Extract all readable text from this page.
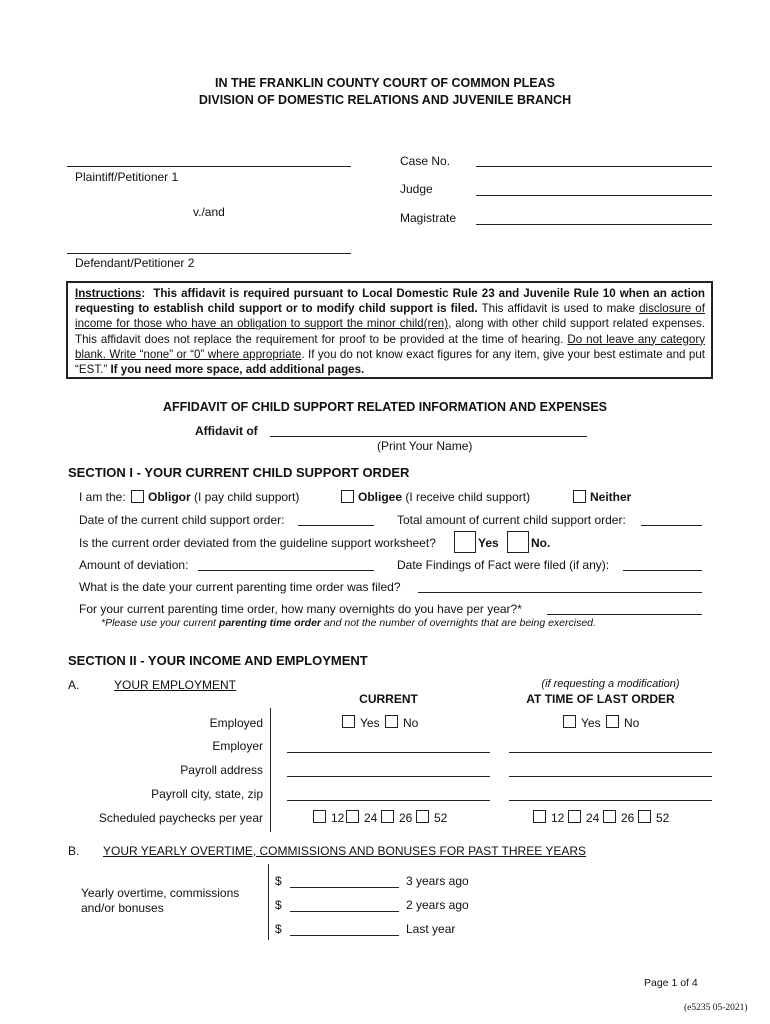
IN THE FRANKLIN COUNTY COURT OF COMMON PLEAS
DIVISION OF DOMESTIC RELATIONS AND JUVENILE BRANCH
Plaintiff/Petitioner 1
v./and
Defendant/Petitioner 2
Case No.
Judge
Magistrate

Instructions: This affidavit is required pursuant to Local Domestic Rule 23 and Juvenile Rule 10 when an action requesting to establish child support or to modify child support is filed. This affidavit is used to make disclosure of income for those who have an obligation to support the minor child(ren), along with other child support related expenses. This affidavit does not replace the requirement for proof to be provided at the time of hearing. Do not leave any category blank. Write “none” or “0” where appropriate. If you do not know exact figures for any item, give your best estimate and put “EST.” If you need more space, add additional pages.

AFFIDAVIT OF CHILD SUPPORT RELATED INFORMATION AND EXPENSES
Affidavit of
(Print Your Name)
SECTION I - YOUR CURRENT CHILD SUPPORT ORDER
I am the: Obligor (I pay child support)	Obligee (I receive child support)	Neither
Date of the current child support order:	Total amount of current child support order:
Is the current order deviated from the guideline support worksheet?	Yes	No.
Amount of deviation:	Date Findings of Fact were filed (if any):
What is the date your current parenting time order was filed?
For your current parenting time order, how many overnights do you have per year?*
*Please use your current parenting time order and not the number of overnights that are being exercised.
SECTION II - YOUR INCOME AND EMPLOYMENT
A.	YOUR EMPLOYMENT	(if requesting a modification)
CURRENT	AT TIME OF LAST ORDER
Employed	Yes No	Yes No
Employer
Payroll address
Payroll city, state, zip
Scheduled paychecks per year	12 24 26 52	12 24 26 52
B. YOUR YEARLY OVERTIME, COMMISSIONS AND BONUSES FOR PAST THREE YEARS
Yearly overtime, commissions
and/or bonuses
$	3 years ago
$	2 years ago
$	Last year
Page 1 of 4
(e5235 05-2021)
